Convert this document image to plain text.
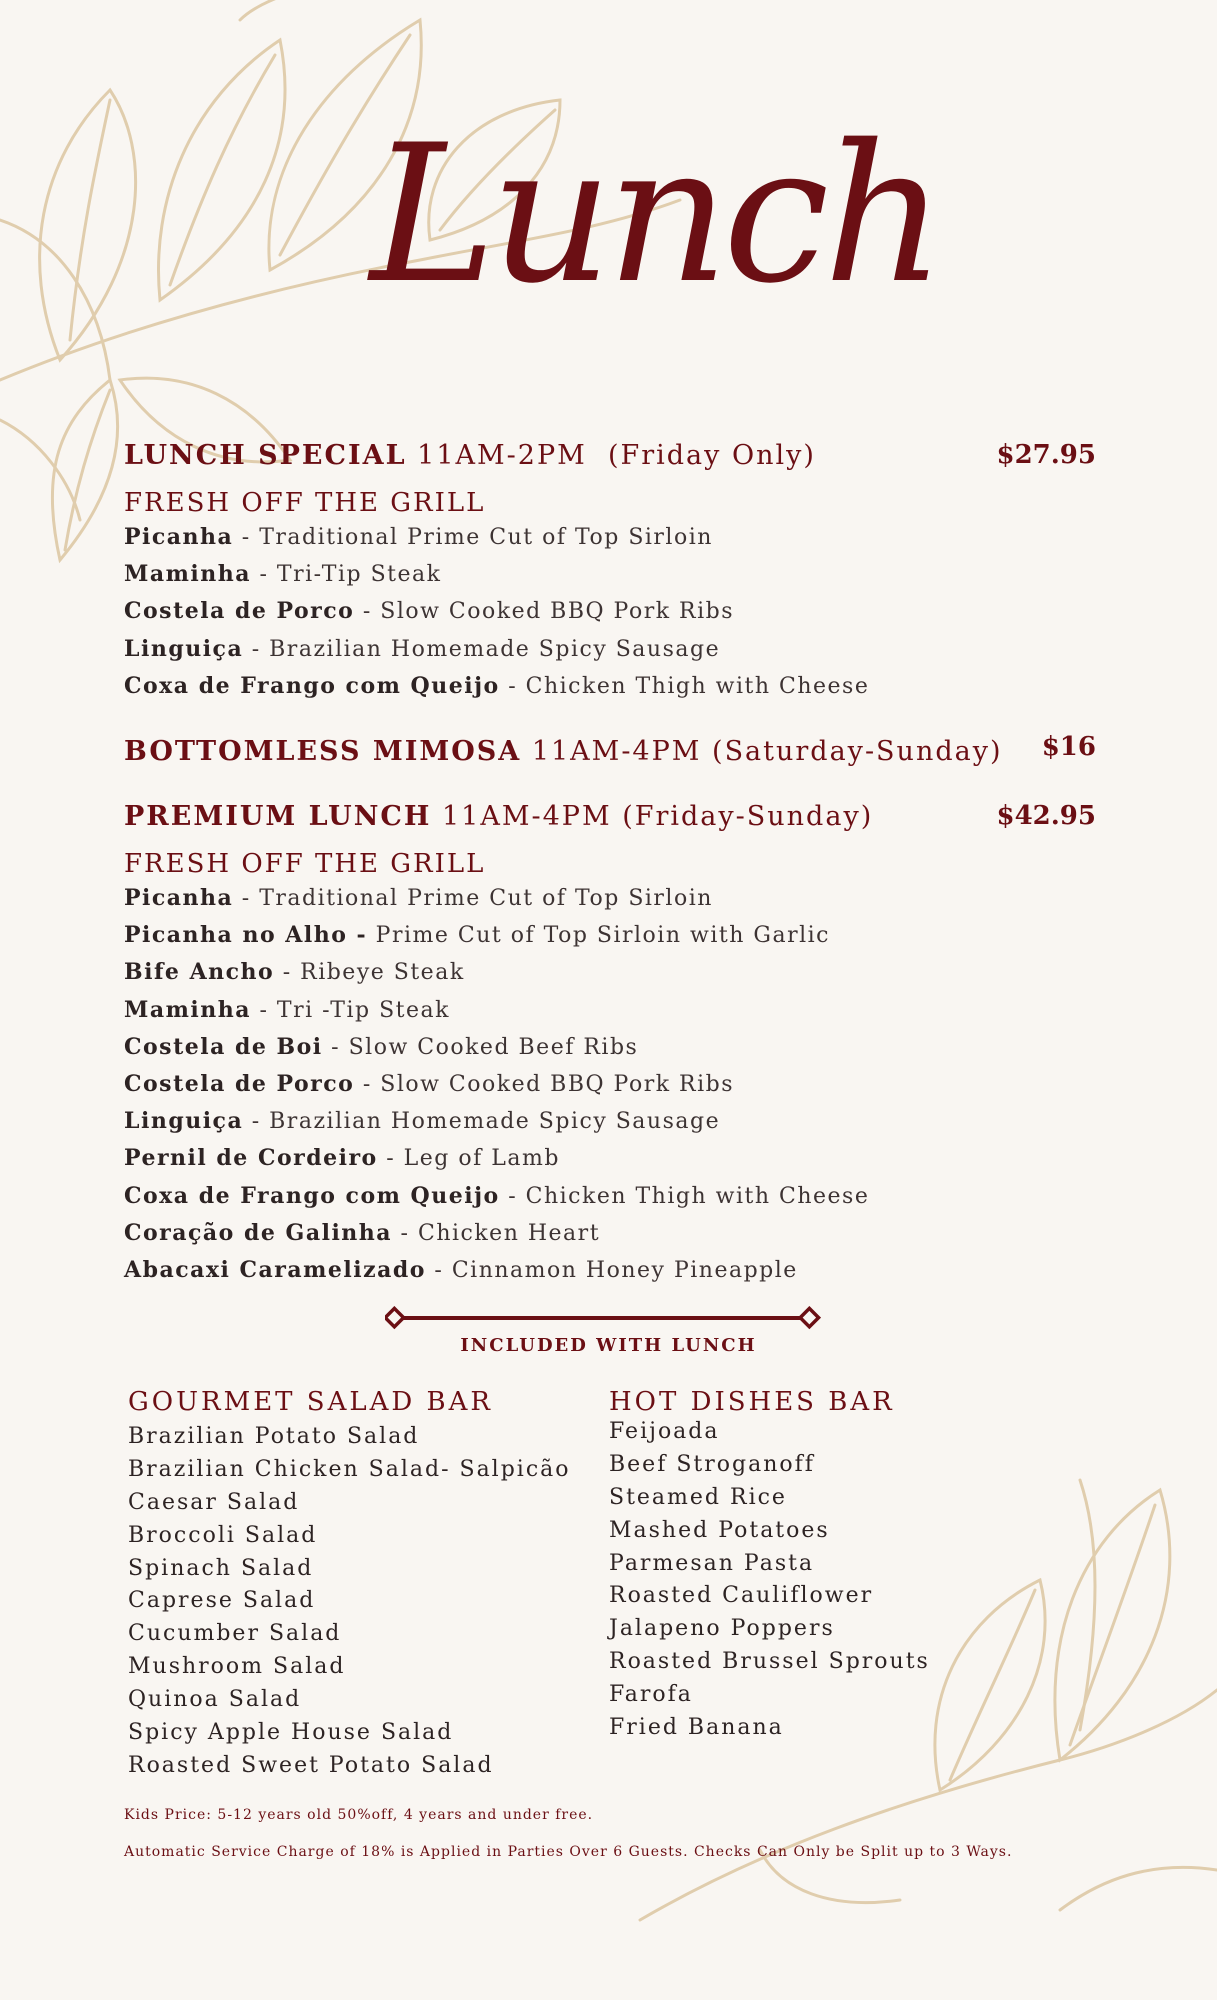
Lunch
LUNCH SPECIAL 11AM-2PM (Friday Only)	$27.95
FRESH OFF THE GRILL
Picanha - Traditional Prime Cut of Top Sirloin
Maminha - Tri-Tip Steak
Costela de Porco - Slow Cooked BBQ Pork Ribs
Linguiça - Brazilian Homemade Spicy Sausage
Coxa de Frango com Queijo - Chicken Thigh with Cheese
BOTTOMLESS MIMOSA 11AM-4PM (Saturday-Sunday) $16
PREMIUM LUNCH 11AM-4PM (Friday-Sunday)	$42.95
FRESH OFF THE GRILL
Picanha - Traditional Prime Cut of Top Sirloin
Picanha no Alho - Prime Cut of Top Sirloin with Garlic
Bife Ancho - Ribeye Steak
Maminha - Tri -Tip Steak
Costela de Boi - Slow Cooked Beef Ribs
Costela de Porco - Slow Cooked BBQ Pork Ribs
Linguiça - Brazilian Homemade Spicy Sausage
Pernil de Cordeiro - Leg of Lamb
Coxa de Frango com Queijo - Chicken Thigh with Cheese
Coração de Galinha - Chicken Heart
Abacaxi Caramelizado - Cinnamon Honey Pineapple
INCLUDED WITH LUNCH
GOURMET SALAD BAR
Brazilian Potato Salad
Brazilian Chicken Salad- Salpicão
Caesar Salad
Broccoli Salad
Spinach Salad
Caprese Salad
Cucumber Salad
Mushroom Salad
Quinoa Salad
Spicy Apple House Salad
Roasted Sweet Potato Salad
HOT DISHES BAR
Feijoada
Beef Stroganoff
Steamed Rice
Mashed Potatoes
Parmesan Pasta
Roasted Cauliflower
Jalapeno Poppers
Roasted Brussel Sprouts
Farofa
Fried Banana
Kids Price: 5-12 years old 50%off, 4 years and under free.
Automatic Service Charge of 18% is Applied in Parties Over 6 Guests. Checks Can Only be Split up to 3 Ways.
